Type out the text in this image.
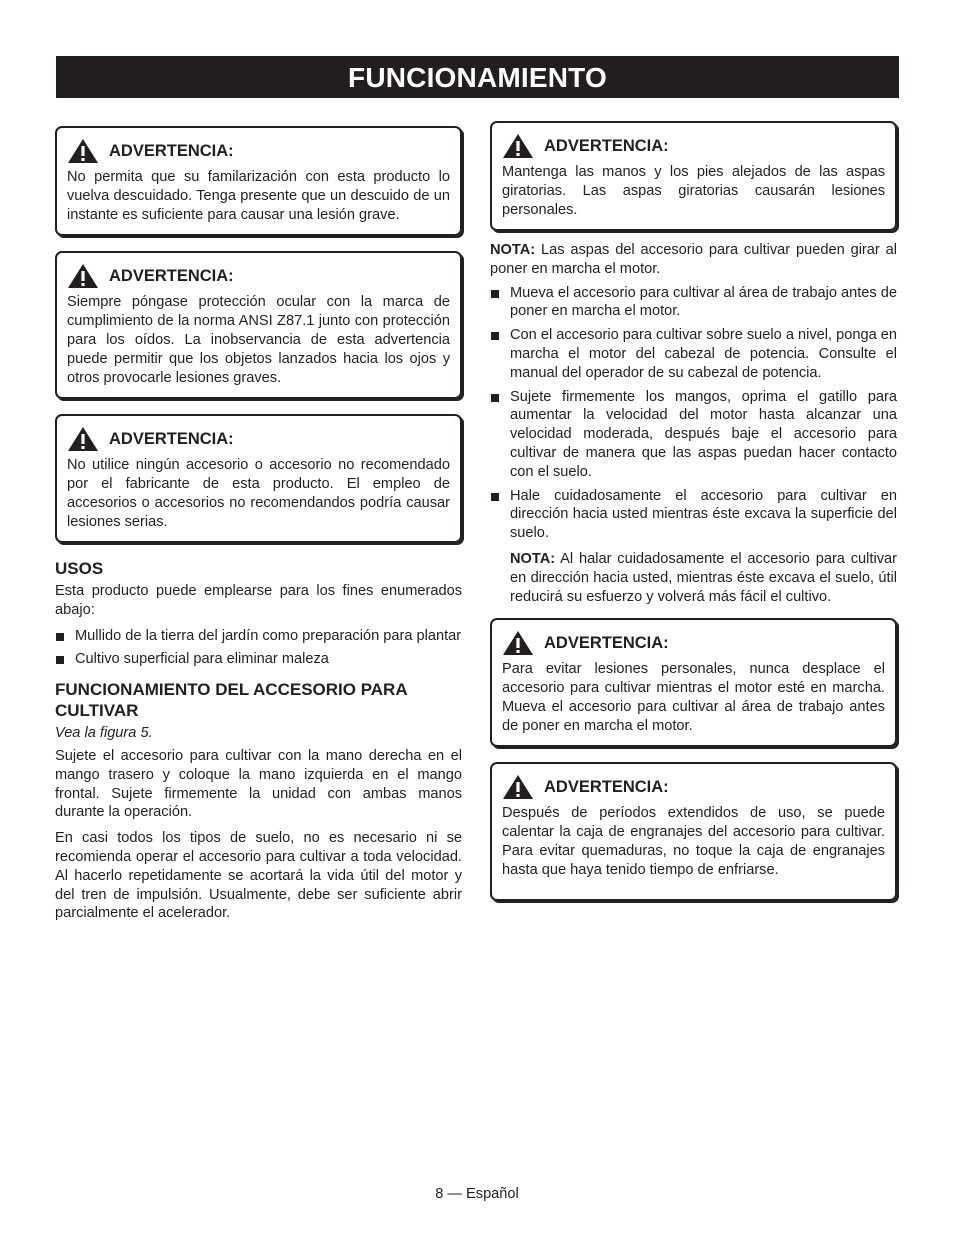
FUNCIONAMIENTO
ADVERTENCIA:
No permita que su familarización con esta producto lo vuelva descuidado. Tenga presente que un descuido de un instante es suficiente para causar una lesión grave.
ADVERTENCIA:
Siempre póngase protección ocular con la marca de cumplimiento de la norma ANSI Z87.1 junto con protección para los oídos. La inobservancia de esta advertencia puede permitir que los objetos lanzados hacia los ojos y otros provocarle lesiones graves.
ADVERTENCIA:
No utilice ningún accesorio o accesorio no recomendado por el fabricante de esta producto. El empleo de accesorios o accesorios no recomendandos podría causar lesiones serias.
USOS
Esta producto puede emplearse para los fines enumerados abajo:
Mullido de la tierra del jardín como preparación para plantar
Cultivo superficial para eliminar maleza
FUNCIONAMIENTO DEL ACCESORIO PARA CULTIVAR
Vea la figura 5.
Sujete el accesorio para cultivar con la mano derecha en el mango trasero y coloque la mano izquierda en el mango frontal. Sujete firmemente la unidad con ambas manos durante la operación.
En casi todos los tipos de suelo, no es necesario ni se recomienda operar el accesorio para cultivar a toda velocidad. Al hacerlo repetidamente se acortará la vida útil del motor y del tren de impulsión. Usualmente, debe ser suficiente abrir parcialmente el acelerador.
ADVERTENCIA:
Mantenga las manos y los pies alejados de las aspas giratorias. Las aspas giratorias causarán lesiones personales.
NOTA: Las aspas del accesorio para cultivar pueden girar al poner en marcha el motor.
Mueva el accesorio para cultivar al área de trabajo antes de poner en marcha el motor.
Con el accesorio para cultivar sobre suelo a nivel, ponga en marcha el motor del cabezal de potencia. Consulte el manual del operador de su cabezal de potencia.
Sujete firmemente los mangos, oprima el gatillo para aumentar la velocidad del motor hasta alcanzar una velocidad moderada, después baje el accesorio para cultivar de manera que las aspas puedan hacer contacto con el suelo.
Hale cuidadosamente el accesorio para cultivar en dirección hacia usted mientras éste excava la superficie del suelo.
NOTA: Al halar cuidadosamente el accesorio para cultivar en dirección hacia usted, mientras éste excava el suelo, útil reducirá su esfuerzo y volverá más fácil el cultivo.
ADVERTENCIA:
Para evitar lesiones personales, nunca desplace el accesorio para cultivar mientras el motor esté en marcha. Mueva el accesorio para cultivar al área de trabajo antes de poner en marcha el motor.
ADVERTENCIA:
Después de períodos extendidos de uso, se puede calentar la caja de engranajes del accesorio para cultivar. Para evitar quemaduras, no toque la caja de engranajes hasta que haya tenido tiempo de enfriarse.
8 — Español
